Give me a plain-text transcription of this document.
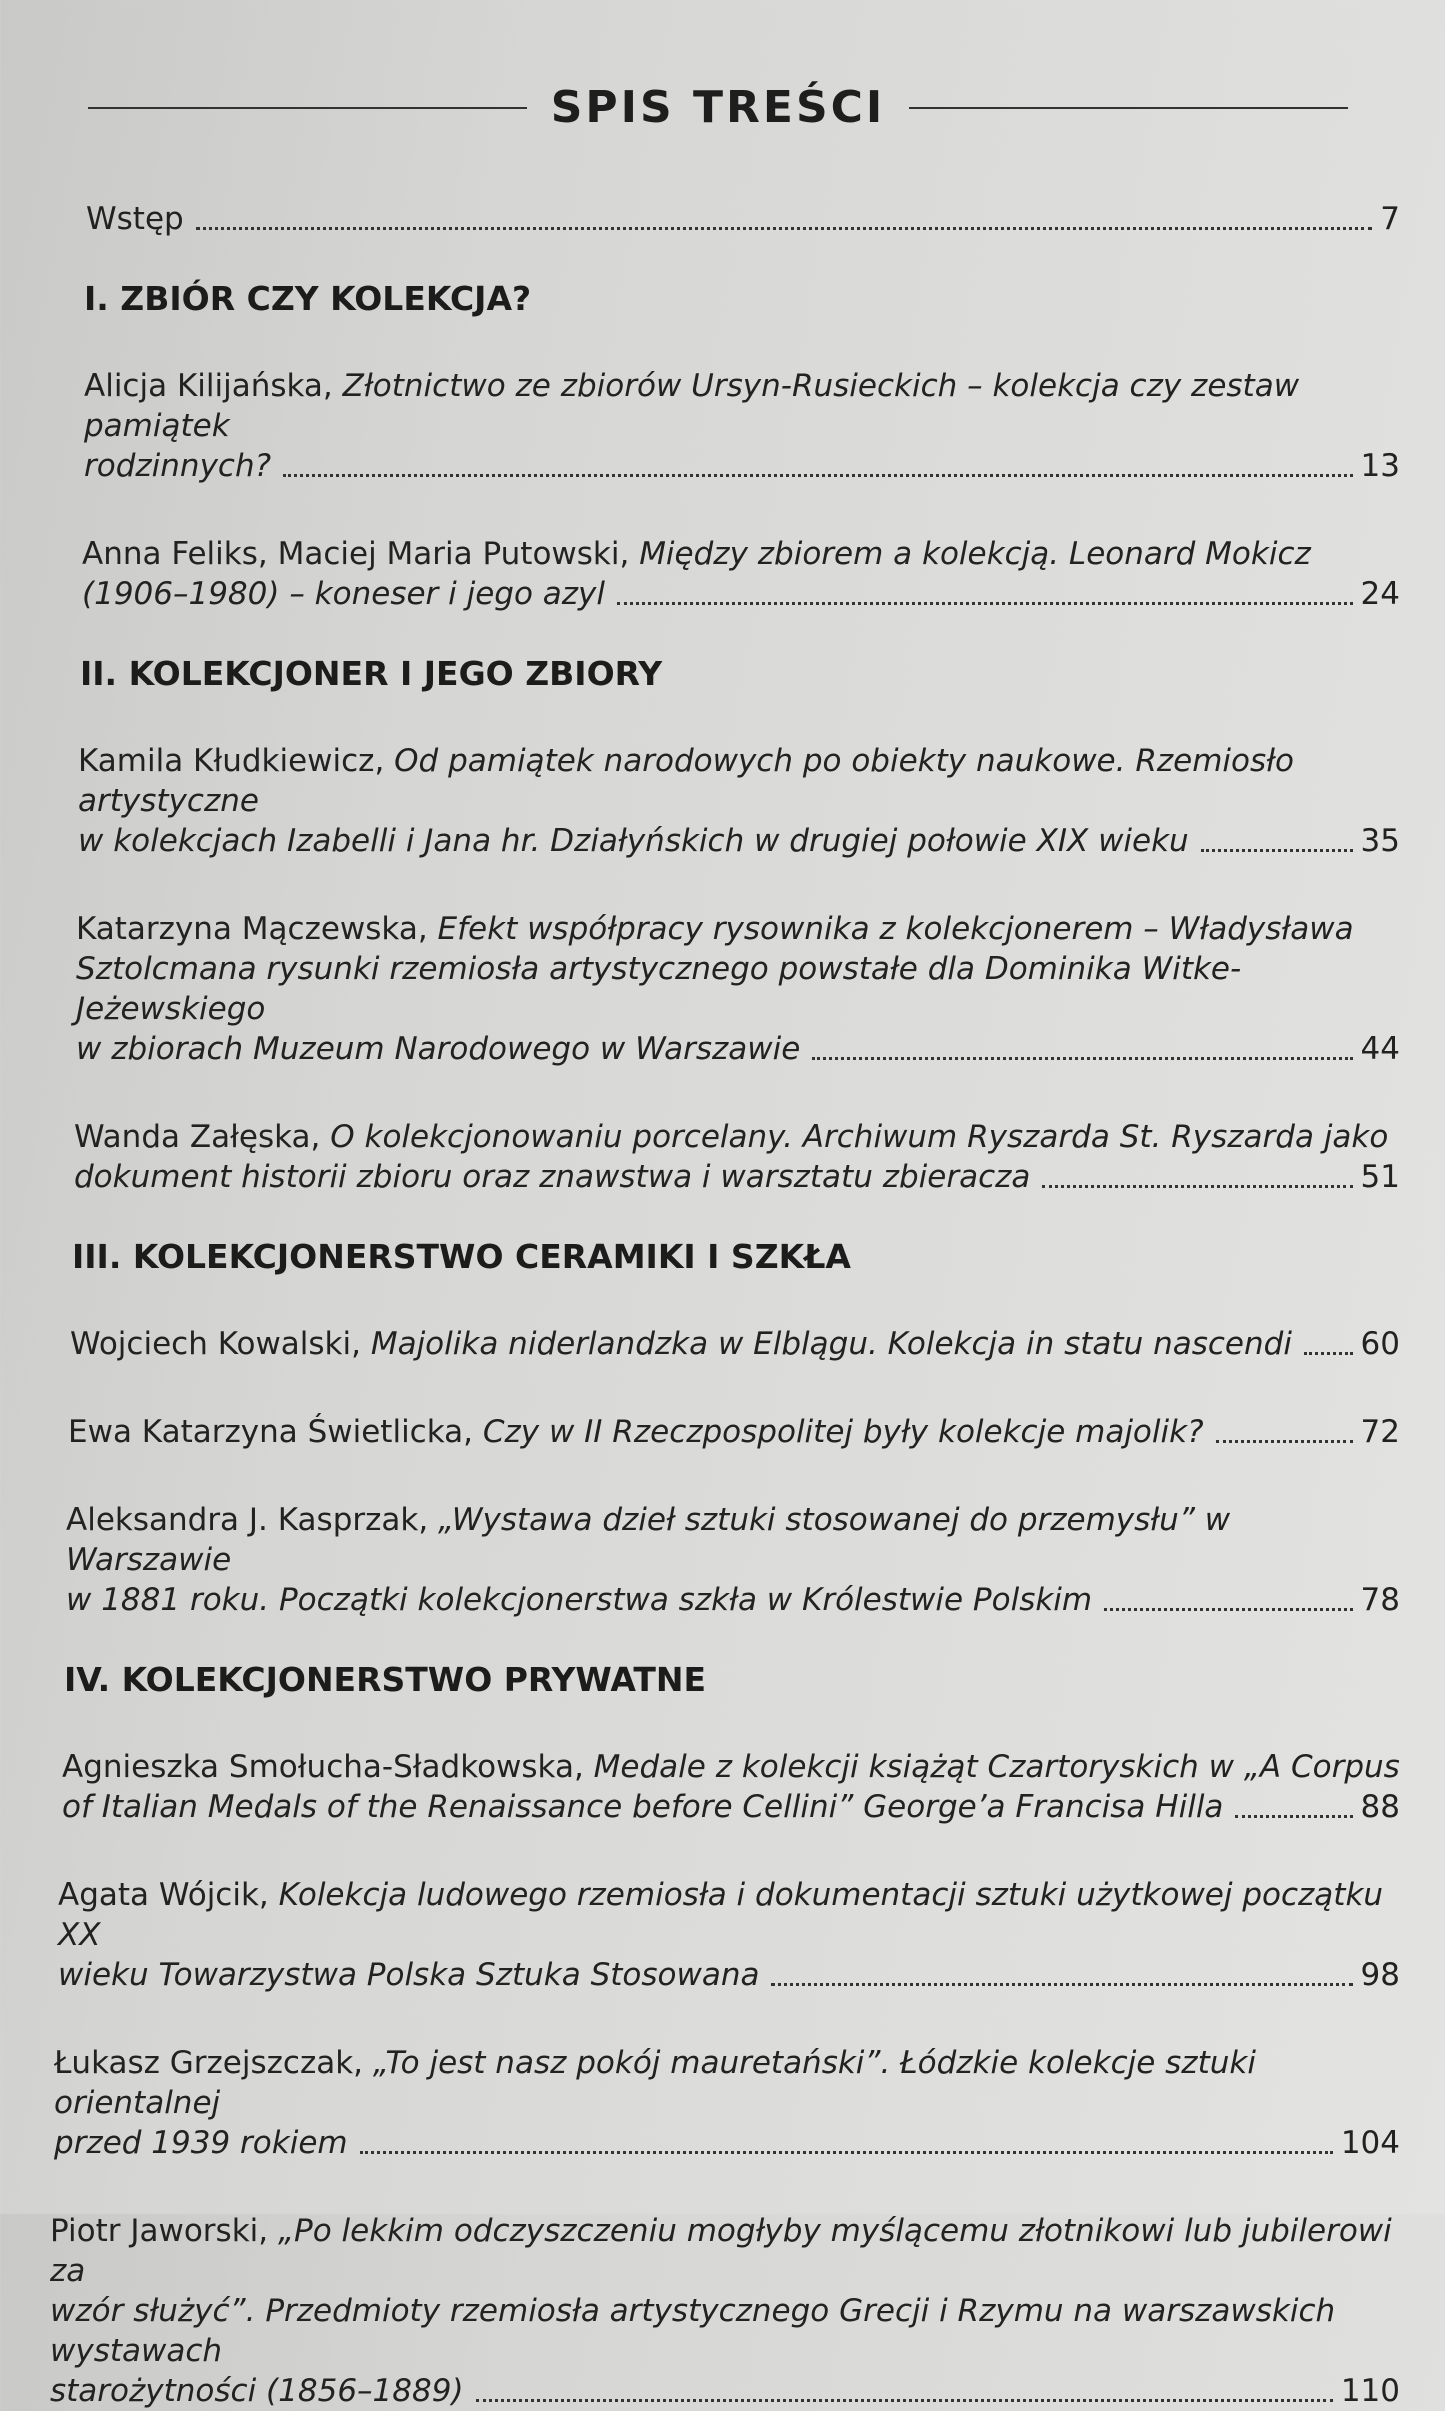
SPIS TREŚCI
Wstęp	7
I. ZBIÓR CZY KOLEKCJA?
Alicja Kilijańska, Złotnictwo ze zbiorów Ursyn-Rusieckich – kolekcja czy zestaw pamiątek
rodzinnych?	13
Anna Feliks, Maciej Maria Putowski, Między zbiorem a kolekcją. Leonard Mokicz
(1906–1980) – koneser i jego azyl	24
II. KOLEKCJONER I JEGO ZBIORY
Kamila Kłudkiewicz, Od pamiątek narodowych po obiekty naukowe. Rzemiosło artystyczne
w kolekcjach Izabelli i Jana hr. Działyńskich w drugiej połowie XIX wieku	35
Katarzyna Mączewska, Efekt współpracy rysownika z kolekcjonerem – Władysława
Sztolcmana rysunki rzemiosła artystycznego powstałe dla Dominika Witke-Jeżewskiego
w zbiorach Muzeum Narodowego w Warszawie	44
Wanda Załęska, O kolekcjonowaniu porcelany. Archiwum Ryszarda St. Ryszarda jako
dokument historii zbioru oraz znawstwa i warsztatu zbieracza	51
III. KOLEKCJONERSTWO CERAMIKI I SZKŁA
Wojciech Kowalski, Majolika niderlandzka w Elblągu. Kolekcja in statu nascendi 60
Ewa Katarzyna Świetlicka, Czy w II Rzeczpospolitej były kolekcje majolik?	72
Aleksandra J. Kasprzak, „Wystawa dzieł sztuki stosowanej do przemysłu” w Warszawie
w 1881 roku. Początki kolekcjonerstwa szkła w Królestwie Polskim	78
IV. KOLEKCJONERSTWO PRYWATNE
Agnieszka Smołucha-Sładkowska, Medale z kolekcji książąt Czartoryskich w „A Corpus
of Italian Medals of the Renaissance before Cellini” George’a Francisa Hilla	88
Agata Wójcik, Kolekcja ludowego rzemiosła i dokumentacji sztuki użytkowej początku XX
wieku Towarzystwa Polska Sztuka Stosowana	98
Łukasz Grzejszczak, „To jest nasz pokój mauretański”. Łódzkie kolekcje sztuki orientalnej
przed 1939 rokiem	104
Piotr Jaworski, „Po lekkim odczyszczeniu mogłyby myślącemu złotnikowi lub jubilerowi za
wzór służyć”. Przedmioty rzemiosła artystycznego Grecji i Rzymu na warszawskich wystawach
starożytności (1856–1889)	110
